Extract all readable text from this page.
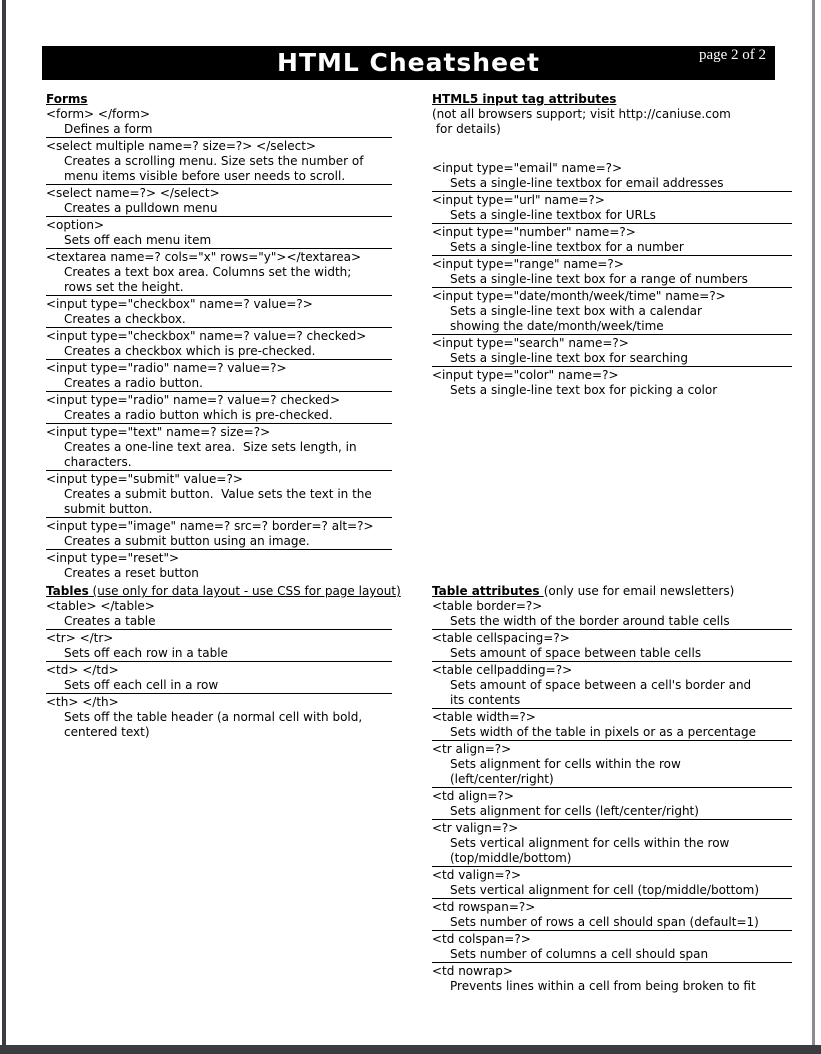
page 2 of 2
HTML Cheatsheet
Forms
<form> </form>
Defines a form
<select multiple name=? size=?> </select>
Creates a scrolling menu. Size sets the number of
menu items visible before user needs to scroll.
<select name=?> </select>
Creates a pulldown menu
<option>
Sets off each menu item
<textarea name=? cols="x" rows="y"></textarea>
Creates a text box area. Columns set the width;
rows set the height.
<input type="checkbox" name=? value=?>
Creates a checkbox.
<input type="checkbox" name=? value=? checked>
Creates a checkbox which is pre-checked.
<input type="radio" name=? value=?>
Creates a radio button.
<input type="radio" name=? value=? checked>
Creates a radio button which is pre-checked.
<input type="text" name=? size=?>
Creates a one-line text area.  Size sets length, in
characters.
<input type="submit" value=?>
Creates a submit button.  Value sets the text in the
submit button.
<input type="image" name=? src=? border=? alt=?>
Creates a submit button using an image.
<input type="reset">
Creates a reset button
Tables (use only for data layout - use CSS for page layout)
<table> </table>
Creates a table
<tr> </tr>
Sets off each row in a table
<td> </td>
Sets off each cell in a row
<th> </th>
Sets off the table header (a normal cell with bold,
centered text)
HTML5 input tag attributes
(not all browsers support; visit http://caniuse.com
for details)
<input type="email" name=?>
Sets a single-line textbox for email addresses
<input type="url" name=?>
Sets a single-line textbox for URLs
<input type="number" name=?>
Sets a single-line textbox for a number
<input type="range" name=?>
Sets a single-line text box for a range of numbers
<input type="date/month/week/time" name=?>
Sets a single-line text box with a calendar
showing the date/month/week/time
<input type="search" name=?>
Sets a single-line text box for searching
<input type="color" name=?>
Sets a single-line text box for picking a color
Table attributes (only use for email newsletters)
<table border=?>
Sets the width of the border around table cells
<table cellspacing=?>
Sets amount of space between table cells
<table cellpadding=?>
Sets amount of space between a cell's border and
its contents
<table width=?>
Sets width of the table in pixels or as a percentage
<tr align=?>
Sets alignment for cells within the row
(left/center/right)
<td align=?>
Sets alignment for cells (left/center/right)
<tr valign=?>
Sets vertical alignment for cells within the row
(top/middle/bottom)
<td valign=?>
Sets vertical alignment for cell (top/middle/bottom)
<td rowspan=?>
Sets number of rows a cell should span (default=1)
<td colspan=?>
Sets number of columns a cell should span
<td nowrap>
Prevents lines within a cell from being broken to fit
